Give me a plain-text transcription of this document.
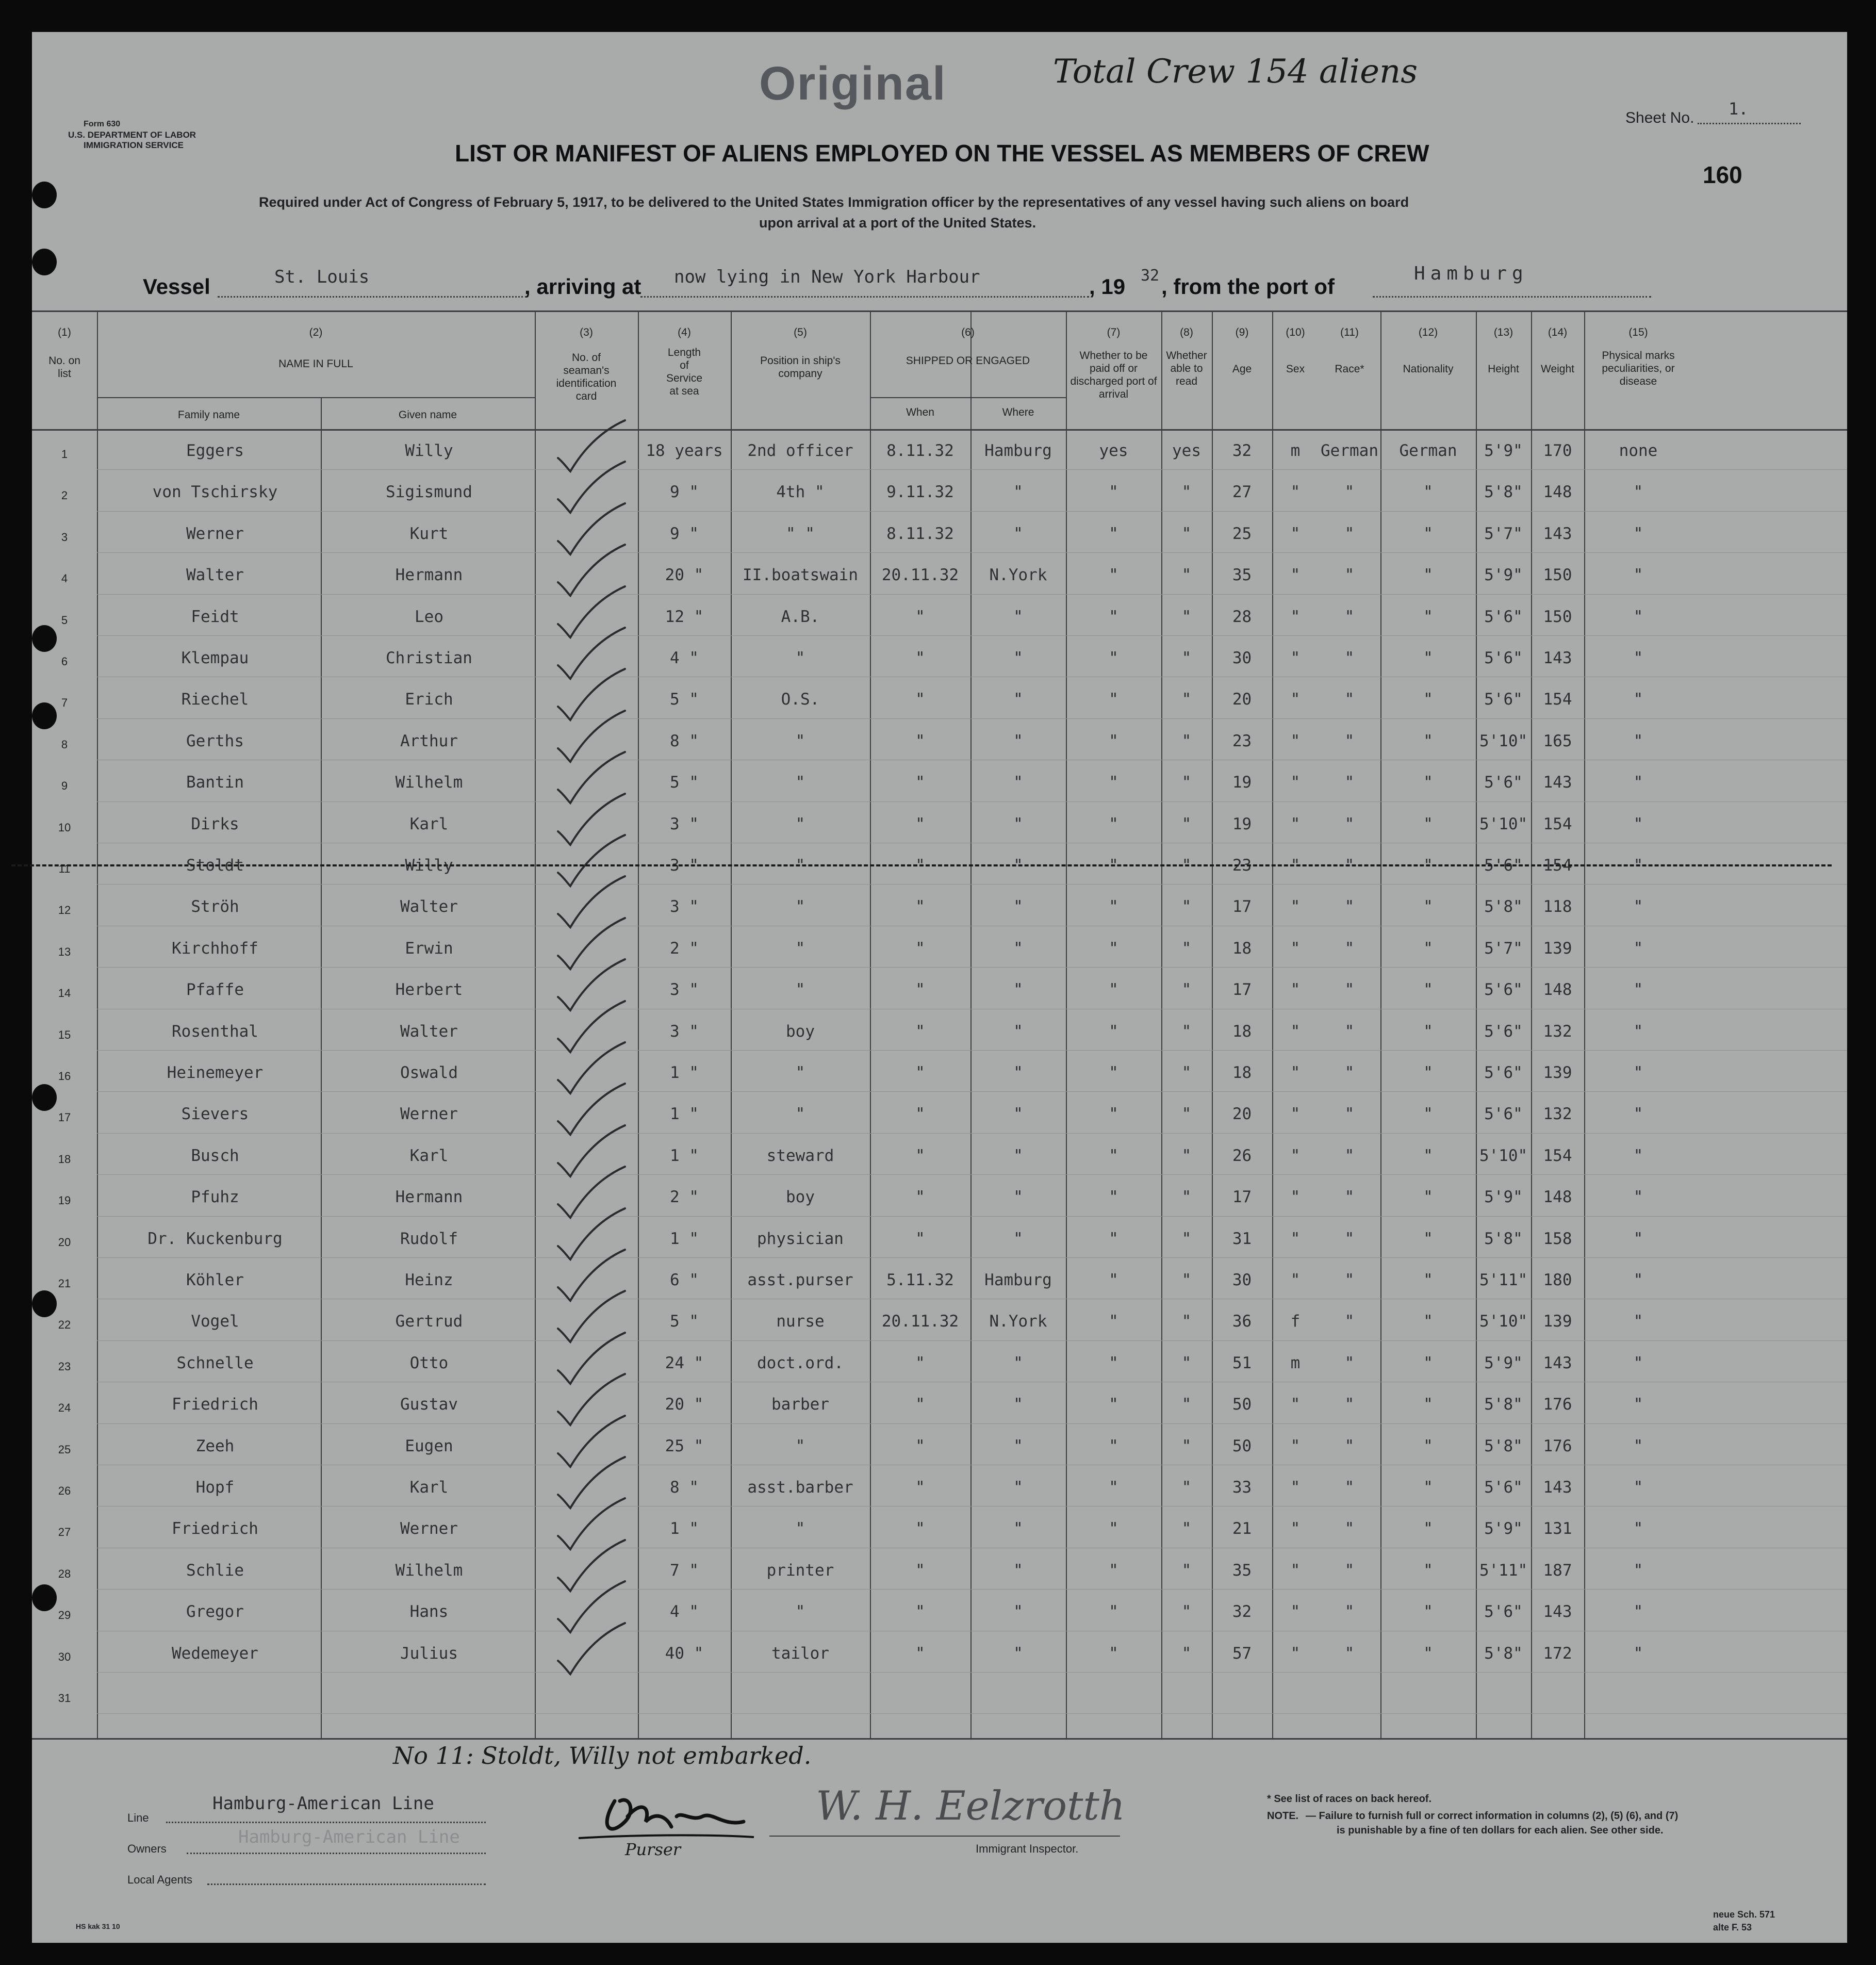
Original	Total Crew 154 aliens
Form 630
U.S. DEPARTMENT OF LABOR
IMMIGRATION SERVICE
Sheet No. 1.
160
LIST OR MANIFEST OF ALIENS EMPLOYED ON THE VESSEL AS MEMBERS OF CREW
Required under Act of Congress of February 5, 1917, to be delivered to the United States Immigration officer by the representatives of any vessel having such aliens on board
upon arrival at a port of the United States.
Vessel	St. Louis	, arriving at now lying in New York Harbour	, 19 32 , from the port of
Hamburg
(1)
No. on list
(2)
NAME IN FULL
Family name	Given name
(3)
No. of seaman's identification card
(4)
Length of Service at sea
(5)
Position in ship's company
(6)
SHIPPED OR ENGAGED
When	Where
(7)
Whether to be paid off or discharged port of arrival
(8)
Whether able to read
(9)
Age
(10)
Sex
(11)
Race*
(12)
Nationality
(13)
Height
(14)
Weight
(15)
Physical marks peculiarities, or disease
1	Eggers	Willy	18 years	2nd officer	8.11.32	Hamburg	yes	yes	32	m	German	German	5'9"	170	none
2	von Tschirsky	Sigismund	9 "	4th "	9.11.32	"	"	"	27	"	"	"	5'8"	148	"
3	Werner	Kurt	9 "	" "	8.11.32	"	"	"	25	"	"	"	5'7"	143	"
4	Walter	Hermann	20 "	II.boatswain	20.11.32	N.York	"	"	35	"	"	"	5'9"	150	"
5	Feidt	Leo	12 "	A.B.	"	"	"	"	28	"	"	"	5'6"	150	"
6	Klempau	Christian	4 "	"	"	"	"	"	30	"	"	"	5'6"	143	"
7	Riechel	Erich	5 "	O.S.	"	"	"	"	20	"	"	"	5'6"	154	"
8	Gerths	Arthur	8 "	"	"	"	"	"	23	"	"	"	5'10" 165	"
9	Bantin	Wilhelm	5 "	"	"	"	"	"	19	"	"	"	5'6"	143	"
10	Dirks	Karl	3 "	"	"	"	"	"	19	"	"	"	5'10" 154	"
11	Stoldt	Willy	3 "	"	"	"	"	"	23	"	"	"	5'6"	154	"
12	Ströh	Walter	3 "	"	"	"	"	"	17	"	"	"	5'8"	118	"
13	Kirchhoff	Erwin	2 "	"	"	"	"	"	18	"	"	"	5'7"	139	"
14	Pfaffe	Herbert	3 "	"	"	"	"	"	17	"	"	"	5'6"	148	"
15	Rosenthal	Walter	3 "	boy	"	"	"	"	18	"	"	"	5'6"	132	"
16	Heinemeyer	Oswald	1 "	"	"	"	"	"	18	"	"	"	5'6"	139	"
17	Sievers	Werner	1 "	"	"	"	"	"	20	"	"	"	5'6"	132	"
18	Busch	Karl	1 "	steward	"	"	"	"	26	"	"	"	5'10" 154	"
19	Pfuhz	Hermann	2 "	boy	"	"	"	"	17	"	"	"	5'9"	148	"
20	Dr. Kuckenburg	Rudolf	1 "	physician	"	"	"	"	31	"	"	"	5'8"	158	"
21	Köhler	Heinz	6 "	asst.purser	5.11.32	Hamburg	"	"	30	"	"	"	5'11" 180	"
22	Vogel	Gertrud	5 "	nurse	20.11.32	N.York	"	"	36	f	"	"	5'10" 139	"
23	Schnelle	Otto	24 "	doct.ord.	"	"	"	"	51	m	"	"	5'9"	143	"
24	Friedrich	Gustav	20 "	barber	"	"	"	"	50	"	"	"	5'8"	176	"
25	Zeeh	Eugen	25 "	"	"	"	"	"	50	"	"	"	5'8"	176	"
26	Hopf	Karl	8 "	asst.barber	"	"	"	"	33	"	"	"	5'6"	143	"
27	Friedrich	Werner	1 "	"	"	"	"	"	21	"	"	"	5'9"	131	"
28	Schlie	Wilhelm	7 "	printer	"	"	"	"	35	"	"	"	5'11" 187	"
29	Gregor	Hans	4 "	"	"	"	"	"	32	"	"	"	5'6"	143	"
30	Wedemeyer	Julius	40 "	tailor	"	"	"	"	57	"	"	"	5'8"	172	"
31
No 11: Stoldt, Willy not embarked.
Line
Hamburg-American Line
Owners
Hamburg-American Line
Local Agents
Purser
W. H. Eelzrotth
Immigrant Inspector.
* See list of races on back hereof.
NOTE. — Failure to furnish full or correct information in columns (2), (5) (6), and (7)
is punishable by a fine of ten dollars for each alien. See other side.
neue Sch. 571
alte F. 53
HS kak 31 10
